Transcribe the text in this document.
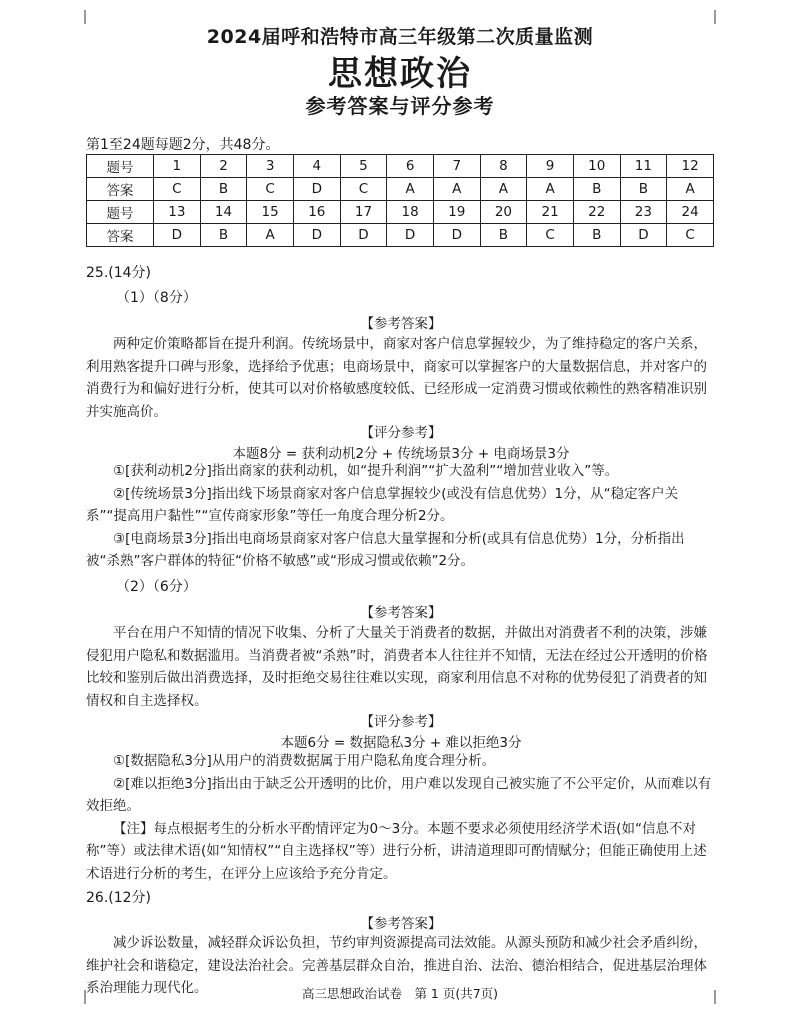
2024届呼和浩特市高三年级第二次质量监测
思想政治
参考答案与评分参考
第1至24题每题2分，共48分。
题号	1	2	3	4	5	6	7	8	9	10	11	12
答案	C	B	C	D	C	A	A	A	A	B	B	A
题号	13	14	15	16	17	18	19	20	21	22	23	24
答案	D	B	A	D	D	D	D	B	C	B	D	C
25.(14分)
（1）（8分）
【参考答案】

两种定价策略都旨在提升利润。传统场景中，商家对客户信息掌握较少，为了维持稳定的客户关系，利用熟客提升口碑与形象，选择给予优惠；电商场景中，商家可以掌握客户的大量数据信息，并对客户的消费行为和偏好进行分析，使其可以对价格敏感度较低、已经形成一定消费习惯或依赖性的熟客精准识别并实施高价。

【评分参考】
本题8分 = 获利动机2分 + 传统场景3分 + 电商场景3分

①[获利动机2分]指出商家的获利动机，如“提升利润”“扩大盈利”“增加营业收入”等。

②[传统场景3分]指出线下场景商家对客户信息掌握较少(或没有信息优势）1分，从“稳定客户关系”“提高用户黏性”“宣传商家形象”等任一角度合理分析2分。

③[电商场景3分]指出电商场景商家对客户信息大量掌握和分析(或具有信息优势）1分，分析指出被“杀熟”客户群体的特征“价格不敏感”或“形成习惯或依赖”2分。

（2）（6分）
【参考答案】

平台在用户不知情的情况下收集、分析了大量关于消费者的数据，并做出对消费者不利的决策，涉嫌侵犯用户隐私和数据滥用。当消费者被“杀熟”时，消费者本人往往并不知情，无法在经过公开透明的价格比较和鉴别后做出消费选择，及时拒绝交易往往难以实现，商家利用信息不对称的优势侵犯了消费者的知情权和自主选择权。

【评分参考】
本题6分 = 数据隐私3分 + 难以拒绝3分

①[数据隐私3分]从用户的消费数据属于用户隐私角度合理分析。

②[难以拒绝3分]指出由于缺乏公开透明的比价，用户难以发现自己被实施了不公平定价，从而难以有效拒绝。

【注】每点根据考生的分析水平酌情评定为0～3分。本题不要求必须使用经济学术语(如“信息不对称”等）或法律术语(如“知情权”“自主选择权”等）进行分析，讲清道理即可酌情赋分；但能正确使用上述术语进行分析的考生，在评分上应该给予充分肯定。

26.(12分)
【参考答案】

减少诉讼数量，减轻群众诉讼负担，节约审判资源提高司法效能。从源头预防和减少社会矛盾纠纷，维护社会和谐稳定，建设法治社会。完善基层群众自治，推进自治、法治、德治相结合，促进基层治理体系治理能力现代化。	高三思想政治试卷　第 1 页(共7页)
